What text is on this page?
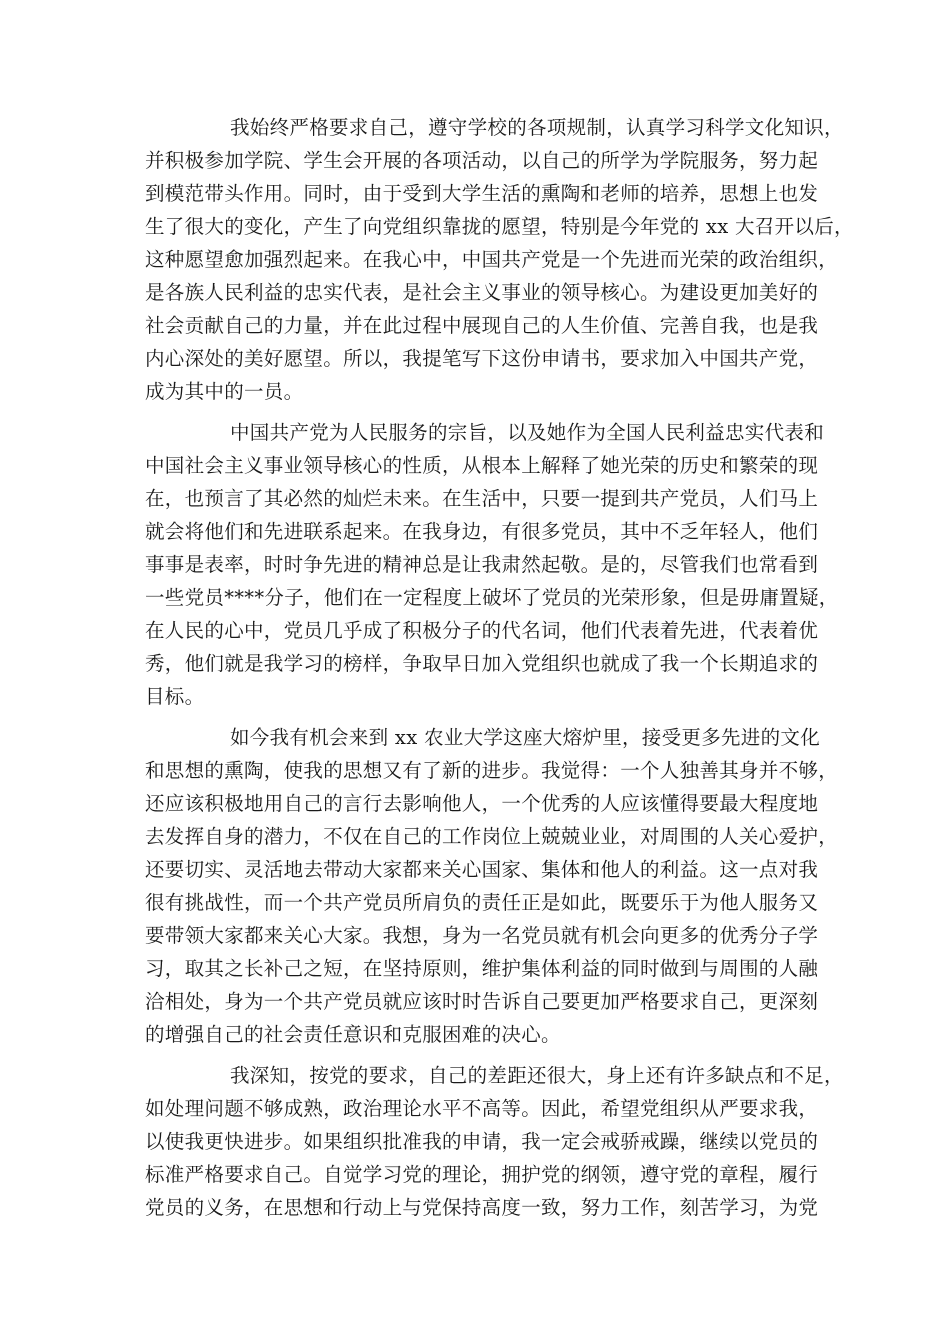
我始终严格要求自己，遵守学校的各项规制，认真学习科学文化知识，
并积极参加学院、学生会开展的各项活动，以自己的所学为学院服务，努力起
到模范带头作用。同时，由于受到大学生活的熏陶和老师的培养，思想上也发
生了很大的变化，产生了向党组织靠拢的愿望，特别是今年党的 xx 大召开以后，
这种愿望愈加强烈起来。在我心中，中国共产党是一个先进而光荣的政治组织，
是各族人民利益的忠实代表，是社会主义事业的领导核心。为建设更加美好的
社会贡献自己的力量，并在此过程中展现自己的人生价值、完善自我，也是我
内心深处的美好愿望。所以，我提笔写下这份申请书，要求加入中国共产党，
成为其中的一员。
中国共产党为人民服务的宗旨，以及她作为全国人民利益忠实代表和
中国社会主义事业领导核心的性质，从根本上解释了她光荣的历史和繁荣的现
在，也预言了其必然的灿烂未来。在生活中，只要一提到共产党员，人们马上
就会将他们和先进联系起来。在我身边，有很多党员，其中不乏年轻人，他们
事事是表率，时时争先进的精神总是让我肃然起敬。是的，尽管我们也常看到
一些党员****分子，他们在一定程度上破坏了党员的光荣形象，但是毋庸置疑，
在人民的心中，党员几乎成了积极分子的代名词，他们代表着先进，代表着优
秀，他们就是我学习的榜样，争取早日加入党组织也就成了我一个长期追求的
目标。
如今我有机会来到 xx 农业大学这座大熔炉里，接受更多先进的文化
和思想的熏陶，使我的思想又有了新的进步。我觉得：一个人独善其身并不够，
还应该积极地用自己的言行去影响他人，一个优秀的人应该懂得要最大程度地
去发挥自身的潜力，不仅在自己的工作岗位上兢兢业业，对周围的人关心爱护，
还要切实、灵活地去带动大家都来关心国家、集体和他人的利益。这一点对我
很有挑战性，而一个共产党员所肩负的责任正是如此，既要乐于为他人服务又
要带领大家都来关心大家。我想，身为一名党员就有机会向更多的优秀分子学
习，取其之长补己之短，在坚持原则，维护集体利益的同时做到与周围的人融
洽相处，身为一个共产党员就应该时时告诉自己要更加严格要求自己，更深刻
的增强自己的社会责任意识和克服困难的决心。
我深知，按党的要求，自己的差距还很大，身上还有许多缺点和不足，
如处理问题不够成熟，政治理论水平不高等。因此，希望党组织从严要求我，
以使我更快进步。如果组织批准我的申请，我一定会戒骄戒躁，继续以党员的
标准严格要求自己。自觉学习党的理论，拥护党的纲领，遵守党的章程，履行
党员的义务，在思想和行动上与党保持高度一致，努力工作，刻苦学习，为党
